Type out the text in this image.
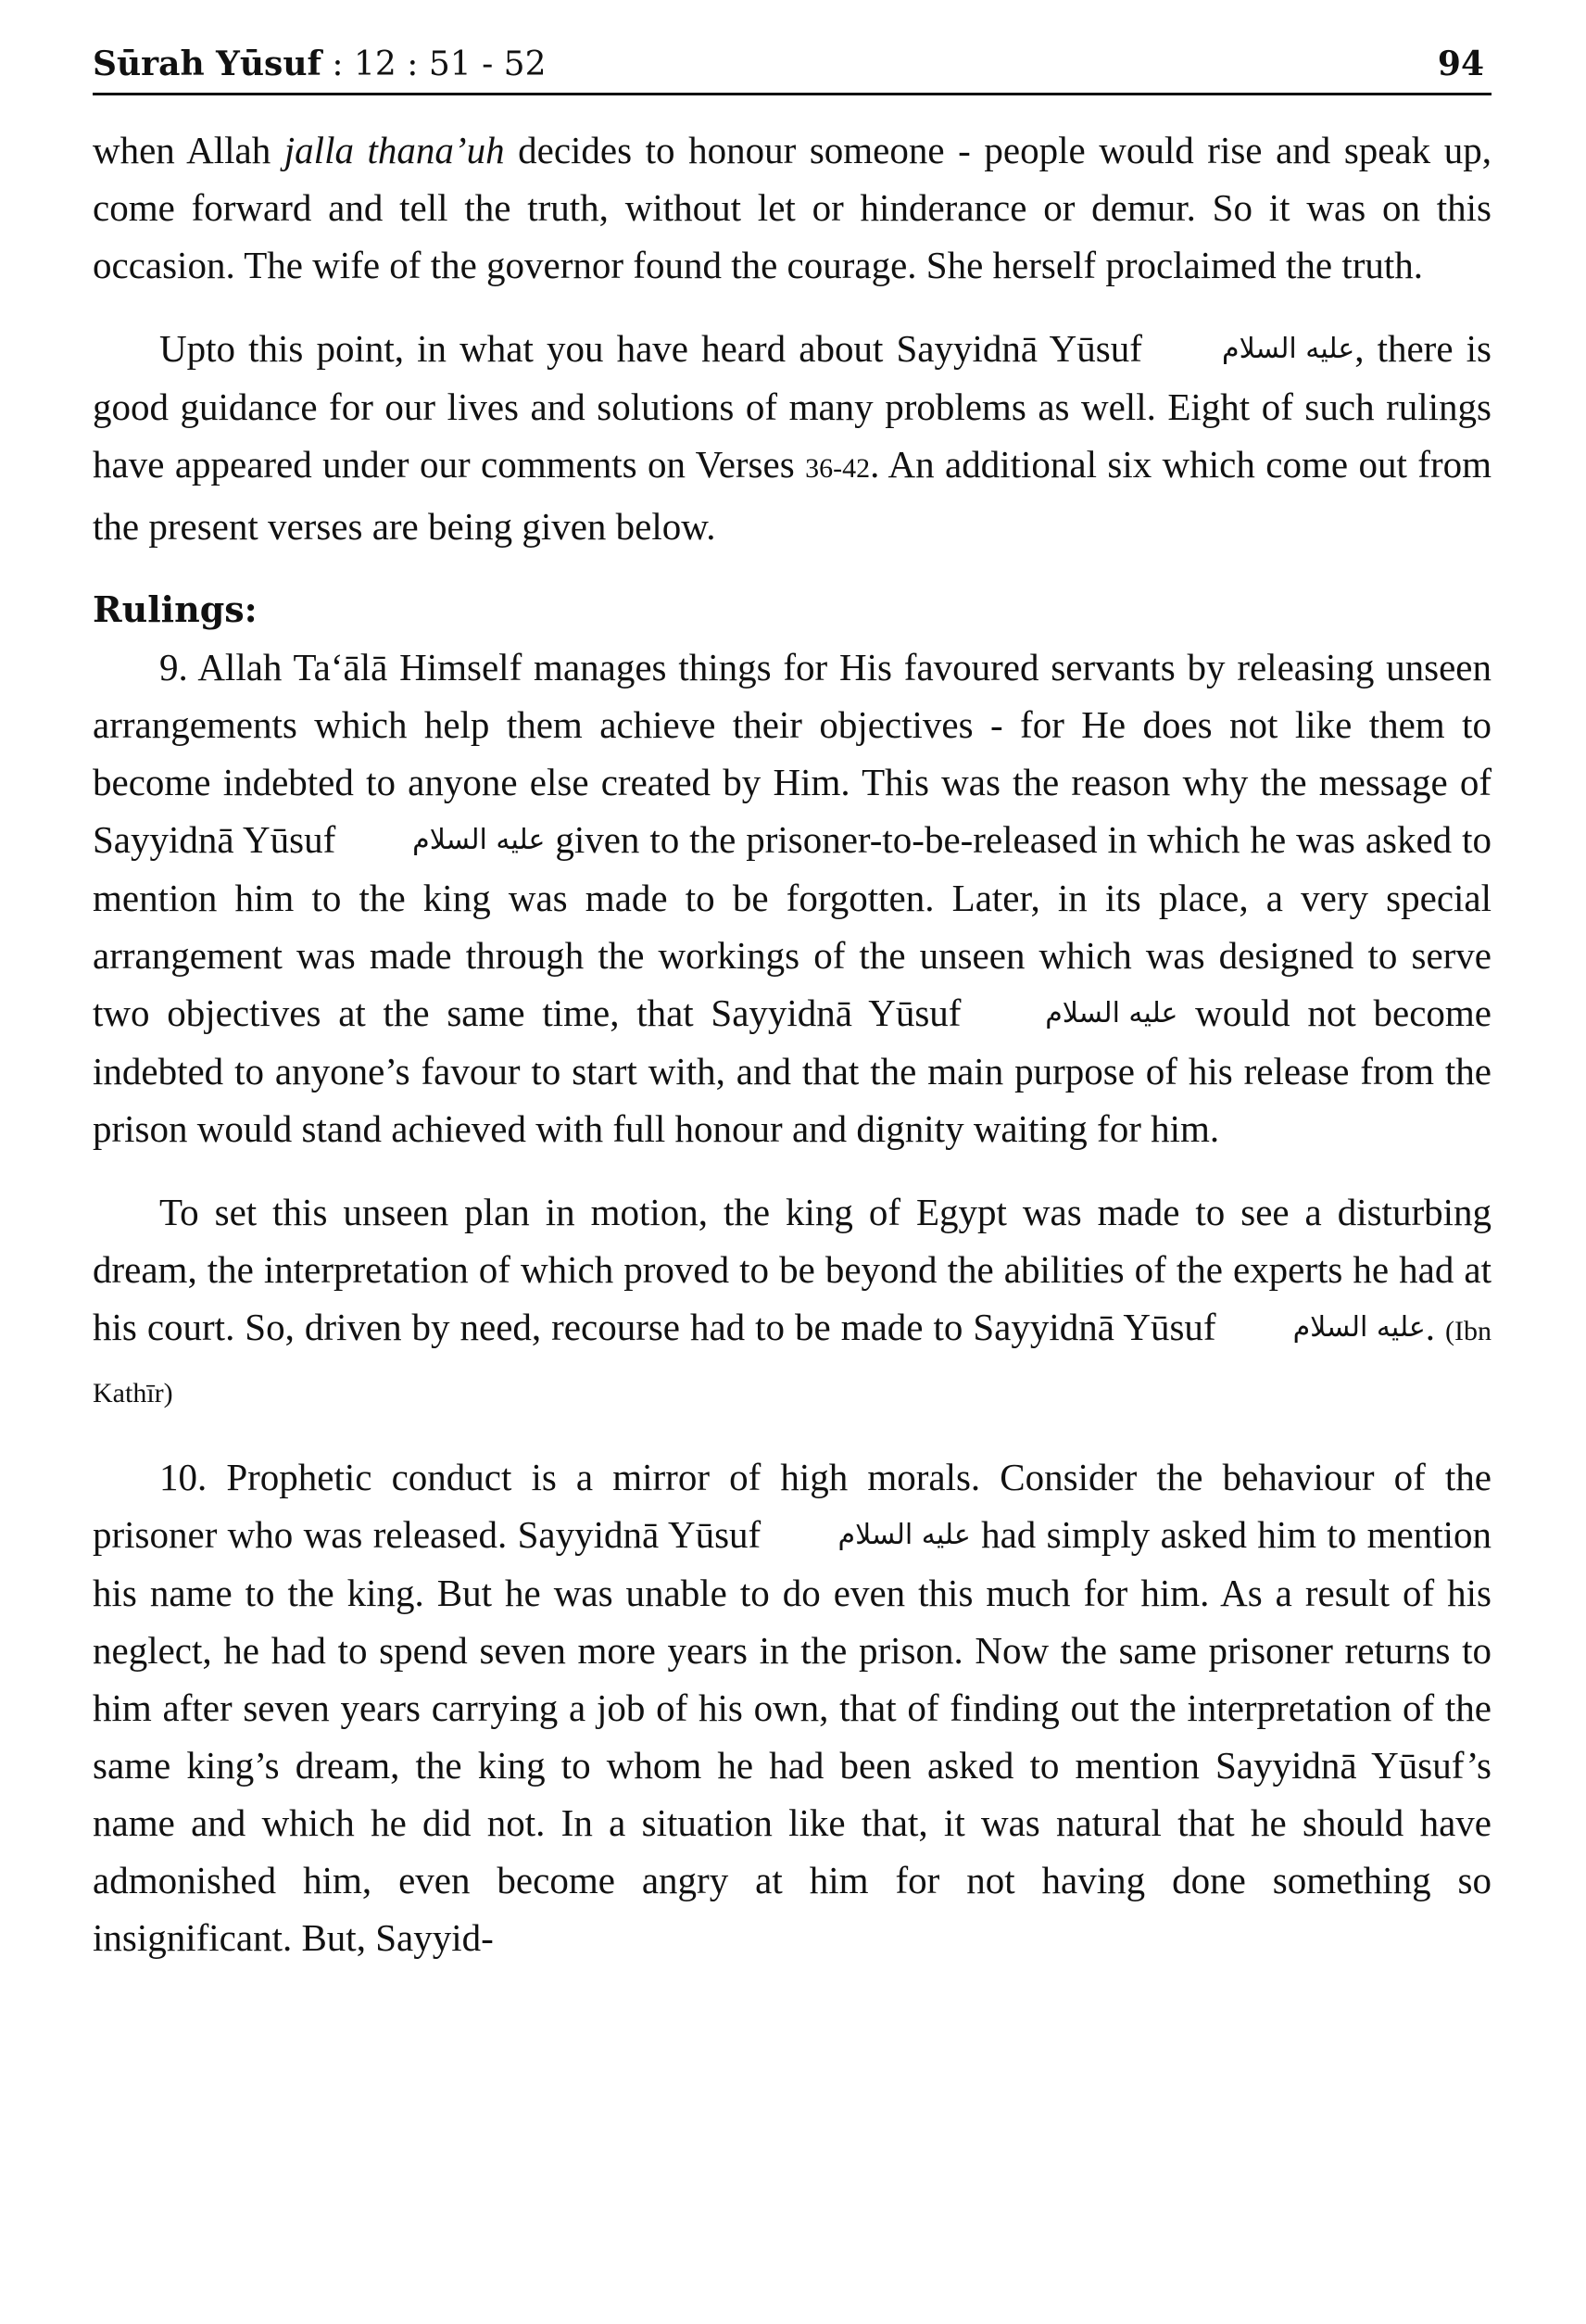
Sūrah Yūsuf : 12 : 51 - 52	94

when Allah jalla thana’uh decides to honour someone - people would rise and speak up, come forward and tell the truth, without let or hinderance or demur. So it was on this occasion. The wife of the governor found the courage. She herself proclaimed the truth.

Upto this point, in what you have heard about Sayyidnā Yūsuf عليه السلام, there is good guidance for our lives and solutions of many problems as well. Eight of such rulings have appeared under our comments on Verses 36-42. An additional six which come out from the present verses are being given below.

Rulings:

9. Allah Ta‘ālā Himself manages things for His favoured servants by releasing unseen arrangements which help them achieve their objectives - for He does not like them to become indebted to anyone else created by Him. This was the reason why the message of Sayyidnā Yūsuf عليه السلام given to the prisoner-to-be-released in which he was asked to mention him to the king was made to be forgotten. Later, in its place, a very special arrangement was made through the workings of the unseen which was designed to serve two objectives at the same time, that Sayyidnā Yūsuf عليه السلام would not become indebted to anyone’s favour to start with, and that the main purpose of his release from the prison would stand achieved with full honour and dignity waiting for him.

To set this unseen plan in motion, the king of Egypt was made to see a disturbing dream, the interpretation of which proved to be beyond the abilities of the experts he had at his court. So, driven by need, recourse had to be made to Sayyidnā Yūsuf عليه السلام. (Ibn Kathīr)

10. Prophetic conduct is a mirror of high morals. Consider the behaviour of the prisoner who was released. Sayyidnā Yūsuf عليه السلام had simply asked him to mention his name to the king. But he was unable to do even this much for him. As a result of his neglect, he had to spend seven more years in the prison. Now the same prisoner returns to him after seven years carrying a job of his own, that of finding out the interpretation of the same king’s dream, the king to whom he had been asked to mention Sayyidnā Yūsuf’s name and which he did not. In a situation like that, it was natural that he should have admonished him, even become angry at him for not having done something so insignificant. But, Sayyid-
